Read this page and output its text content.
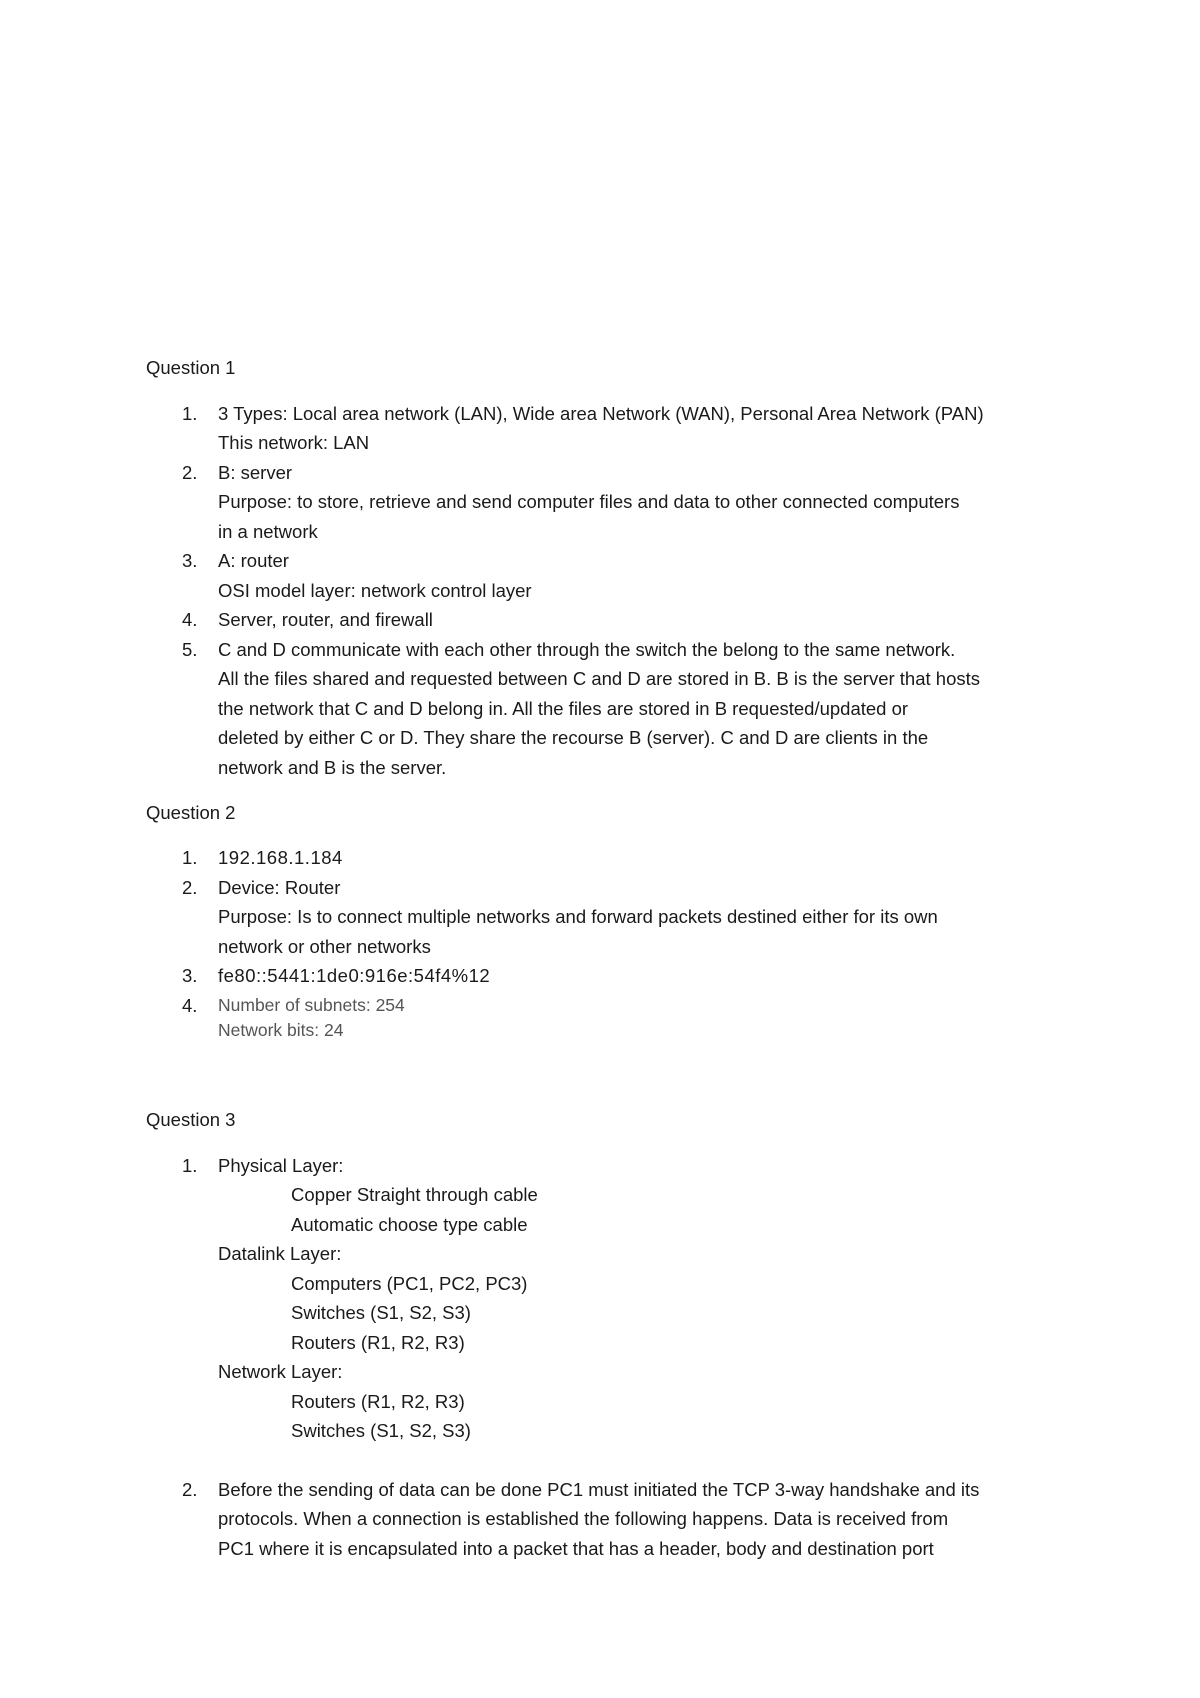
Question 1
1.	3 Types: Local area network (LAN), Wide area Network (WAN), Personal Area Network (PAN)
This network: LAN
2.	B: server
Purpose: to store, retrieve and send computer files and data to other connected computers
in a network
3.	A: router
OSI model layer: network control layer
4.	Server, router, and firewall
5.	C and D communicate with each other through the switch the belong to the same network.
All the files shared and requested between C and D are stored in B. B is the server that hosts
the network that C and D belong in. All the files are stored in B requested/updated or
deleted by either C or D. They share the recourse B (server). C and D are clients in the
network and B is the server.
Question 2
1.	192.168.1.184
2.	Device: Router
Purpose: Is to connect multiple networks and forward packets destined either for its own
network or other networks
3.	fe80::5441:1de0:916e:54f4%12
4.	Number of subnets: 254
Network bits: 24
Question 3
1.	Physical Layer:
Copper Straight through cable
Automatic choose type cable
Datalink Layer:
Computers (PC1, PC2, PC3)
Switches (S1, S2, S3)
Routers (R1, R2, R3)
Network Layer:
Routers (R1, R2, R3)
Switches (S1, S2, S3)
2.	Before the sending of data can be done PC1 must initiated the TCP 3-way handshake and its
protocols. When a connection is established the following happens. Data is received from
PC1 where it is encapsulated into a packet that has a header, body and destination port
